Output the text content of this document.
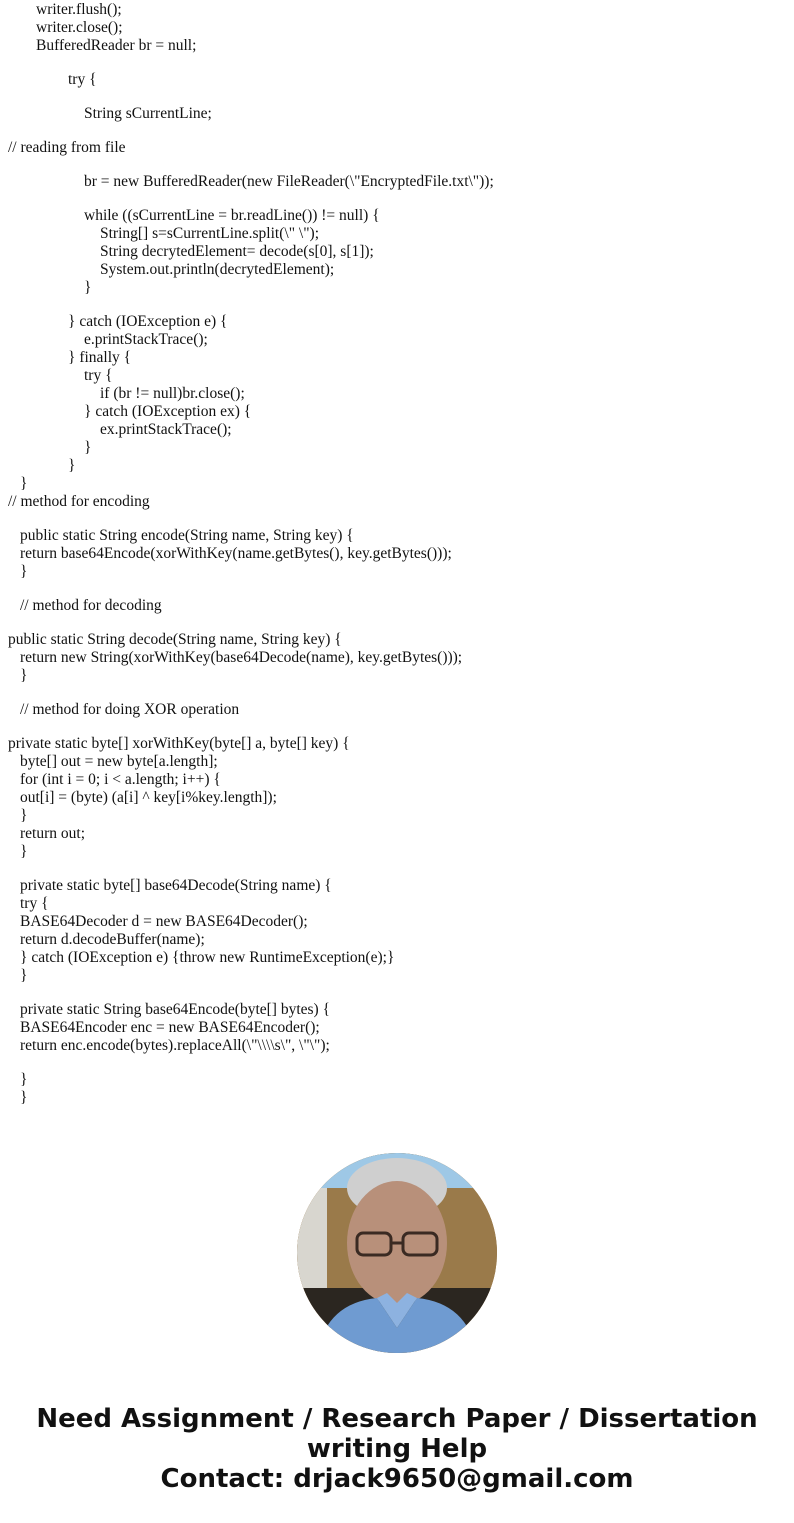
writer.flush();
writer.close();
BufferedReader br = null;
try {
String sCurrentLine;
// reading from file
br = new BufferedReader(new FileReader(\"EncryptedFile.txt\"));
while ((sCurrentLine = br.readLine()) != null) {
String[] s=sCurrentLine.split(\" \");
String decrytedElement= decode(s[0], s[1]);
System.out.println(decrytedElement);
}
} catch (IOException e) {
e.printStackTrace();
} finally {
try {
if (br != null)br.close();
} catch (IOException ex) {
ex.printStackTrace();
}
}
}
// method for encoding
public static String encode(String name, String key) {
return base64Encode(xorWithKey(name.getBytes(), key.getBytes()));
}
// method for decoding
public static String decode(String name, String key) {
return new String(xorWithKey(base64Decode(name), key.getBytes()));
}
// method for doing XOR operation
private static byte[] xorWithKey(byte[] a, byte[] key) {
byte[] out = new byte[a.length];
for (int i = 0; i < a.length; i++) {
out[i] = (byte) (a[i] ^ key[i%key.length]);
}
return out;
}
private static byte[] base64Decode(String name) {
try {
BASE64Decoder d = new BASE64Decoder();
return d.decodeBuffer(name);
} catch (IOException e) {throw new RuntimeException(e);}
}
private static String base64Encode(byte[] bytes) {
BASE64Encoder enc = new BASE64Encoder();
return enc.encode(bytes).replaceAll(\"\\\\s\", \"\");
}
}
Need Assignment / Research Paper / Dissertation
writing Help
Contact: drjack9650@gmail.com
